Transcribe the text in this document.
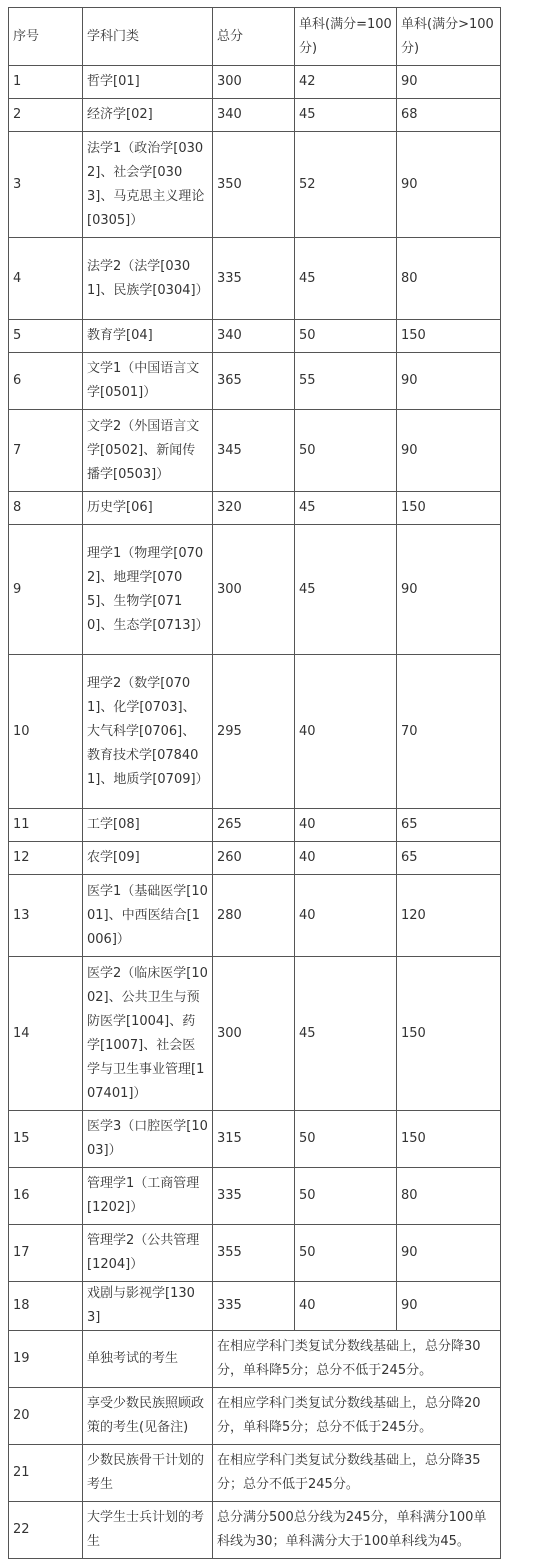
序号	学科门类	总分	单科(满分=100分)	单科(满分>100分)
1	哲学[01]	300	42	90
2	经济学[02]	340	45	68
3	法学1（政治学[0302]、社会学[0303]、马克思主义理论[0305]）	350	52	90
4	法学2（法学[0301]、民族学[0304]）	335	45	80
5	教育学[04]	340	50	150
6	文学1（中国语言文学[0501]）	365	55	90
7	文学2（外国语言文学[0502]、新闻传播学[0503]）	345	50	90
8	历史学[06]	320	45	150
9	理学1（物理学[0702]、地理学[0705]、生物学[0710]、生态学[0713]）	300	45	90
10	理学2（数学[0701]、化学[0703]、大气科学[0706]、教育技术学[078401]、地质学[0709]）	295	40	70
11	工学[08]	265	40	65
12	农学[09]	260	40	65
13	医学1（基础医学[1001]、中西医结合[1006]）	280	40	120
14	医学2（临床医学[1002]、公共卫生与预防医学[1004]、药学[1007]、社会医学与卫生事业管理[107401]）	300	45	150
15	医学3（口腔医学[1003]）	315	50	150
16	管理学1（工商管理[1202]）	335	50	80
17	管理学2（公共管理[1204]）	355	50	90
18	戏剧与影视学[1303]	335	40	90
19	单独考试的考生	在相应学科门类复试分数线基础上，总分降30分，单科降5分；总分不低于245分。		
20	享受少数民族照顾政策的考生(见备注)	在相应学科门类复试分数线基础上，总分降20分，单科降5分；总分不低于245分。		
21	少数民族骨干计划的考生	在相应学科门类复试分数线基础上，总分降35分；总分不低于245分。		
22	大学生士兵计划的考生	总分满分500总分线为245分，单科满分100单科线为30；单科满分大于100单科线为45。		
